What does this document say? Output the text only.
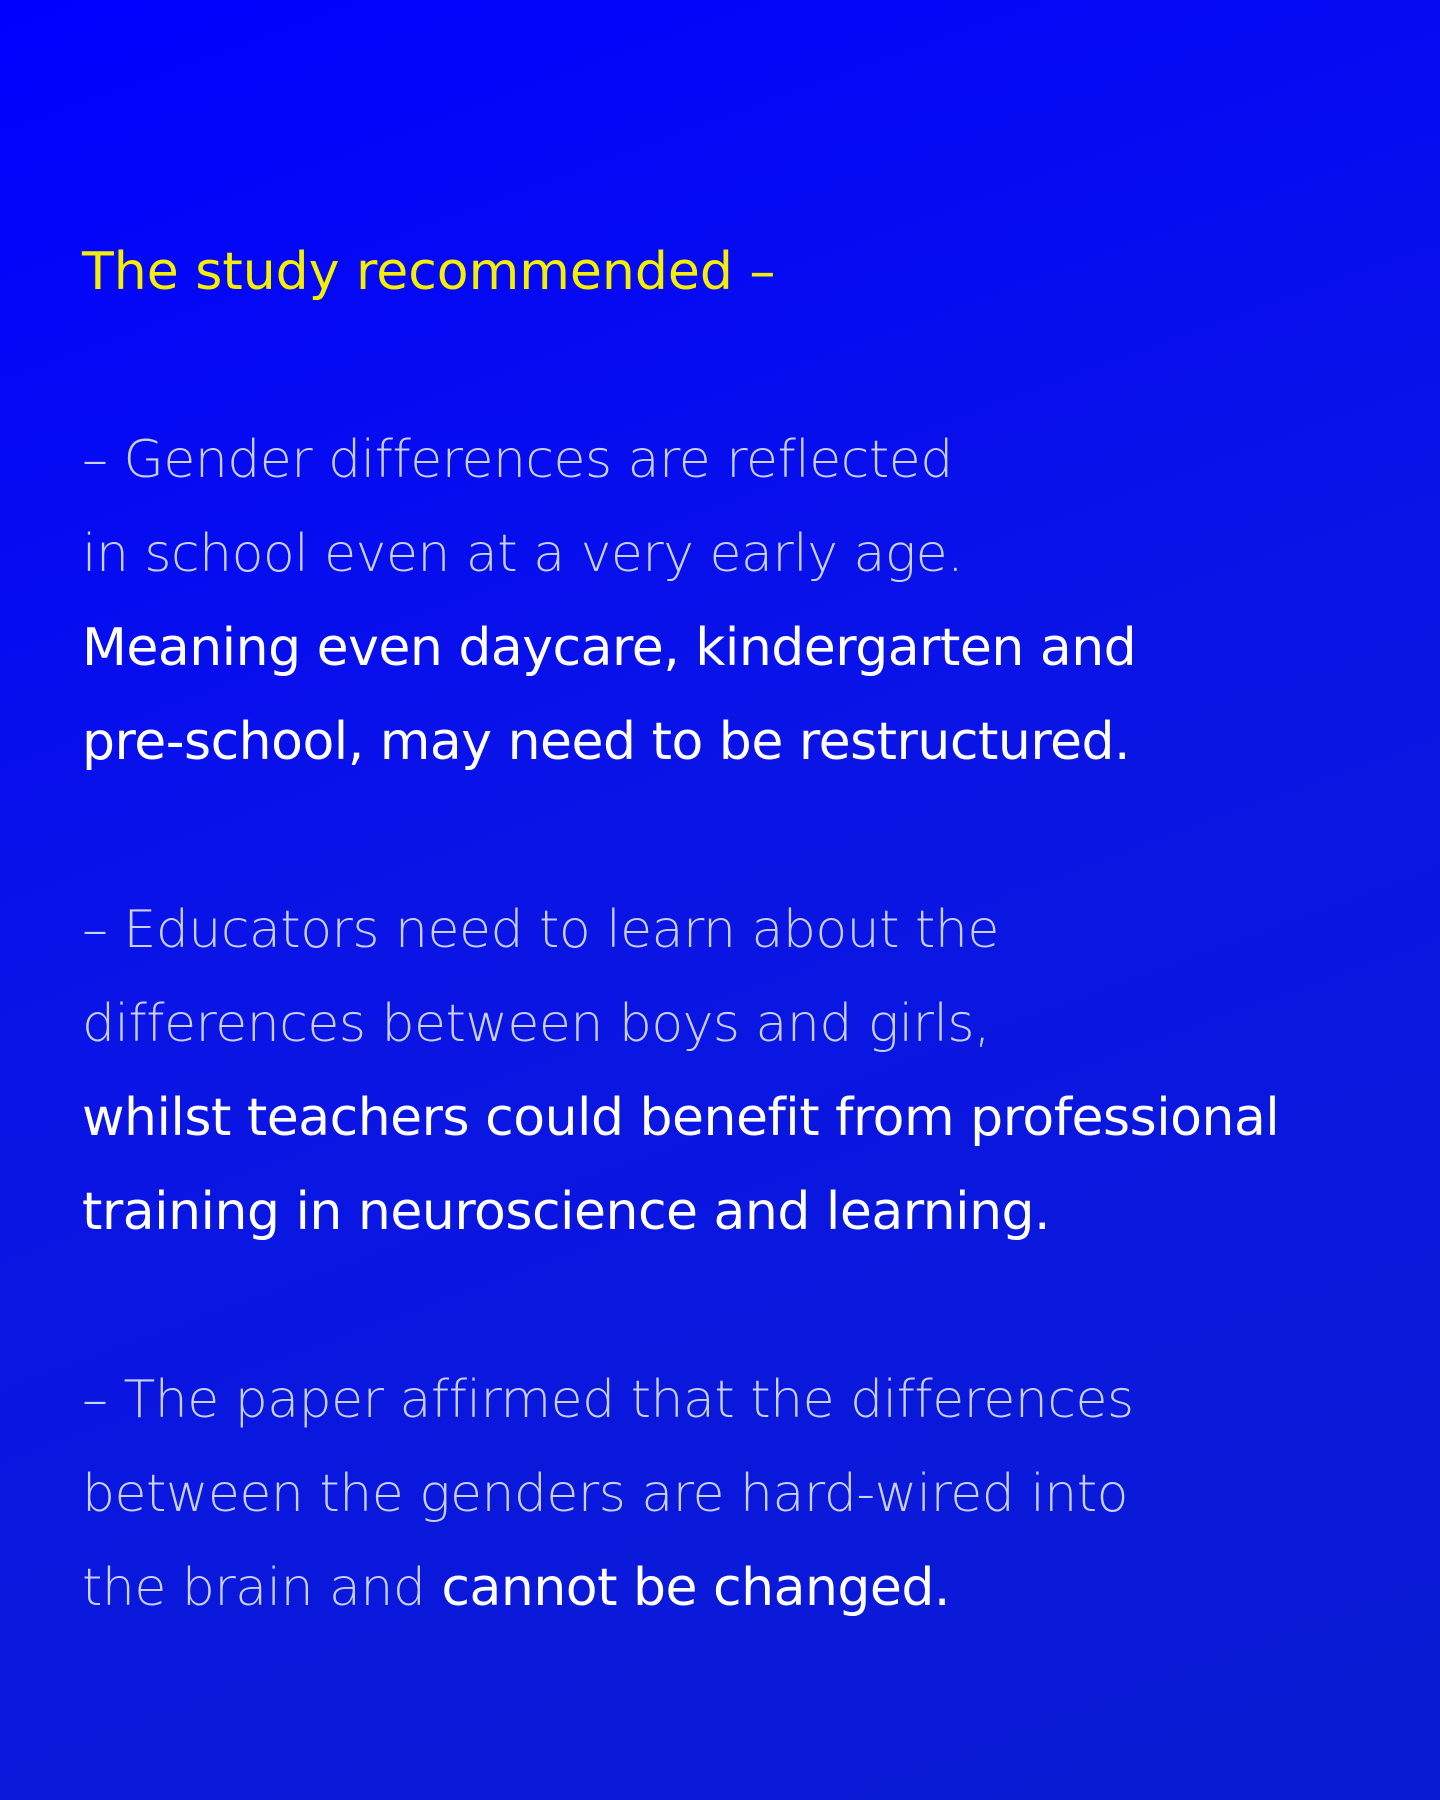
The study recommended –
– Gender differences are reflected
in school even at a very early age.
Meaning even daycare, kindergarten and
pre-school, may need to be restructured.
– Educators need to learn about the
differences between boys and girls,
whilst teachers could benefit from professional
training in neuroscience and learning.
– The paper affirmed that the differences
between the genders are hard-wired into
the brain and cannot be changed.
